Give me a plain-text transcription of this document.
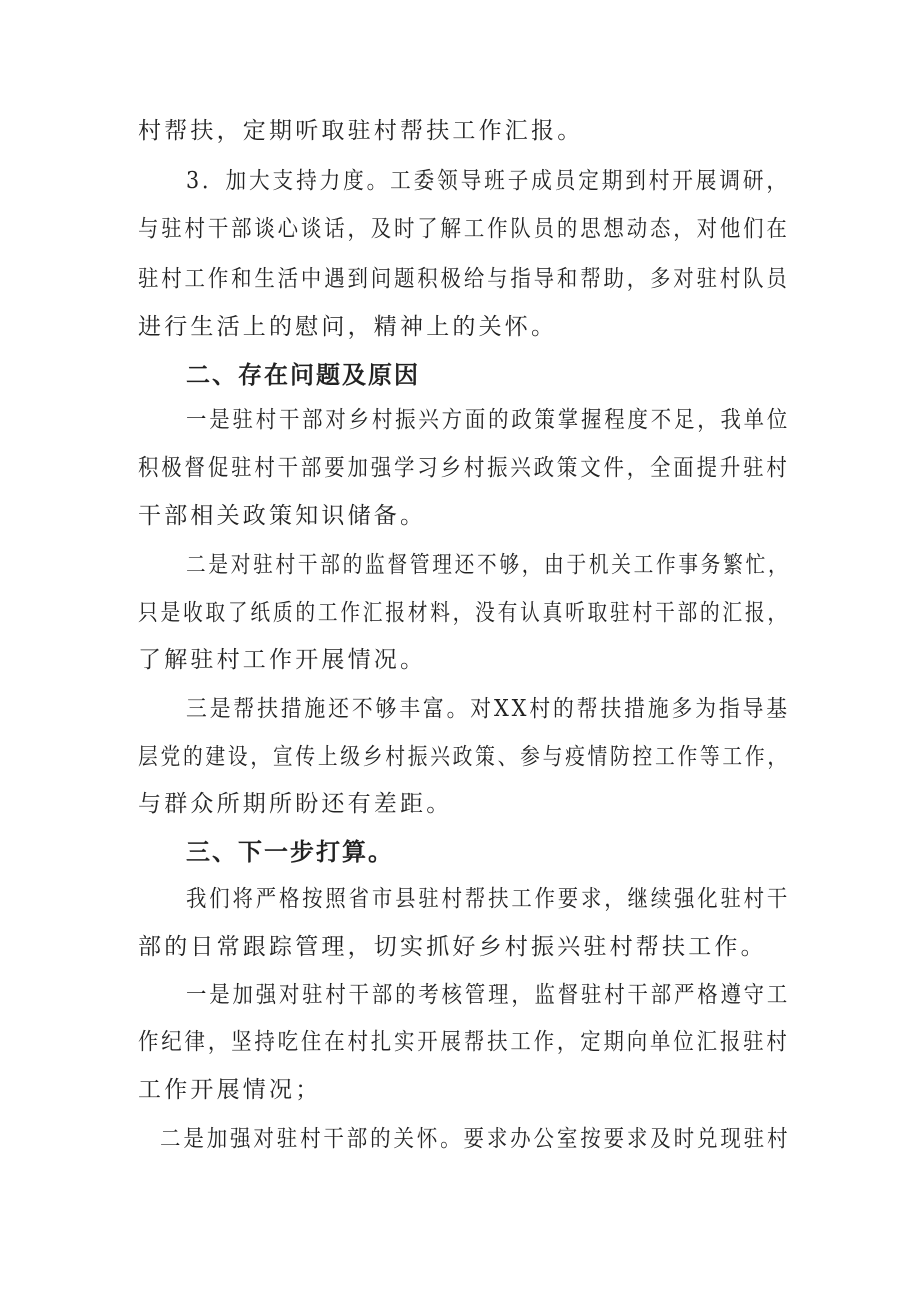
村帮扶，定期听取驻村帮扶工作汇报。
3．加大支持力度。工委领导班子成员定期到村开展调研，
与驻村干部谈心谈话，及时了解工作队员的思想动态，对他们在
驻村工作和生活中遇到问题积极给与指导和帮助，多对驻村队员
进行生活上的慰问，精神上的关怀。
二、存在问题及原因
一是驻村干部对乡村振兴方面的政策掌握程度不足，我单位
积极督促驻村干部要加强学习乡村振兴政策文件，全面提升驻村
干部相关政策知识储备。
二是对驻村干部的监督管理还不够，由于机关工作事务繁忙，
只是收取了纸质的工作汇报材料，没有认真听取驻村干部的汇报，
了解驻村工作开展情况。
三是帮扶措施还不够丰富。对XX村的帮扶措施多为指导基
层党的建设，宣传上级乡村振兴政策、参与疫情防控工作等工作，
与群众所期所盼还有差距。
三、下一步打算。
我们将严格按照省市县驻村帮扶工作要求，继续强化驻村干
部的日常跟踪管理，切实抓好乡村振兴驻村帮扶工作。
一是加强对驻村干部的考核管理，监督驻村干部严格遵守工
作纪律，坚持吃住在村扎实开展帮扶工作，定期向单位汇报驻村
工作开展情况；
二是加强对驻村干部的关怀。要求办公室按要求及时兑现驻村
